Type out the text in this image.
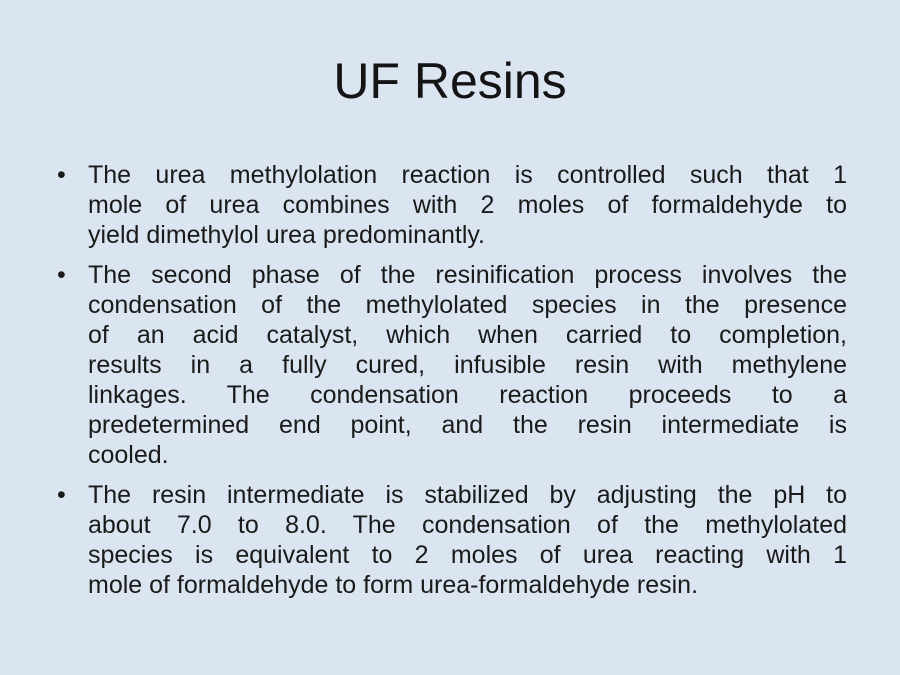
UF Resins
• The urea methylolation reaction is controlled such that 1
mole of urea combines with 2 moles of formaldehyde to
yield dimethylol urea predominantly.
• The second phase of the resinification process involves the
condensation of the methylolated species in the presence
of an acid catalyst, which when carried to completion,
results in a fully cured, infusible resin with methylene
linkages. The condensation reaction proceeds to a
predetermined end point, and the resin intermediate is
cooled.
• The resin intermediate is stabilized by adjusting the pH to
about 7.0 to 8.0. The condensation of the methylolated
species is equivalent to 2 moles of urea reacting with 1
mole of formaldehyde to form urea-formaldehyde resin.
